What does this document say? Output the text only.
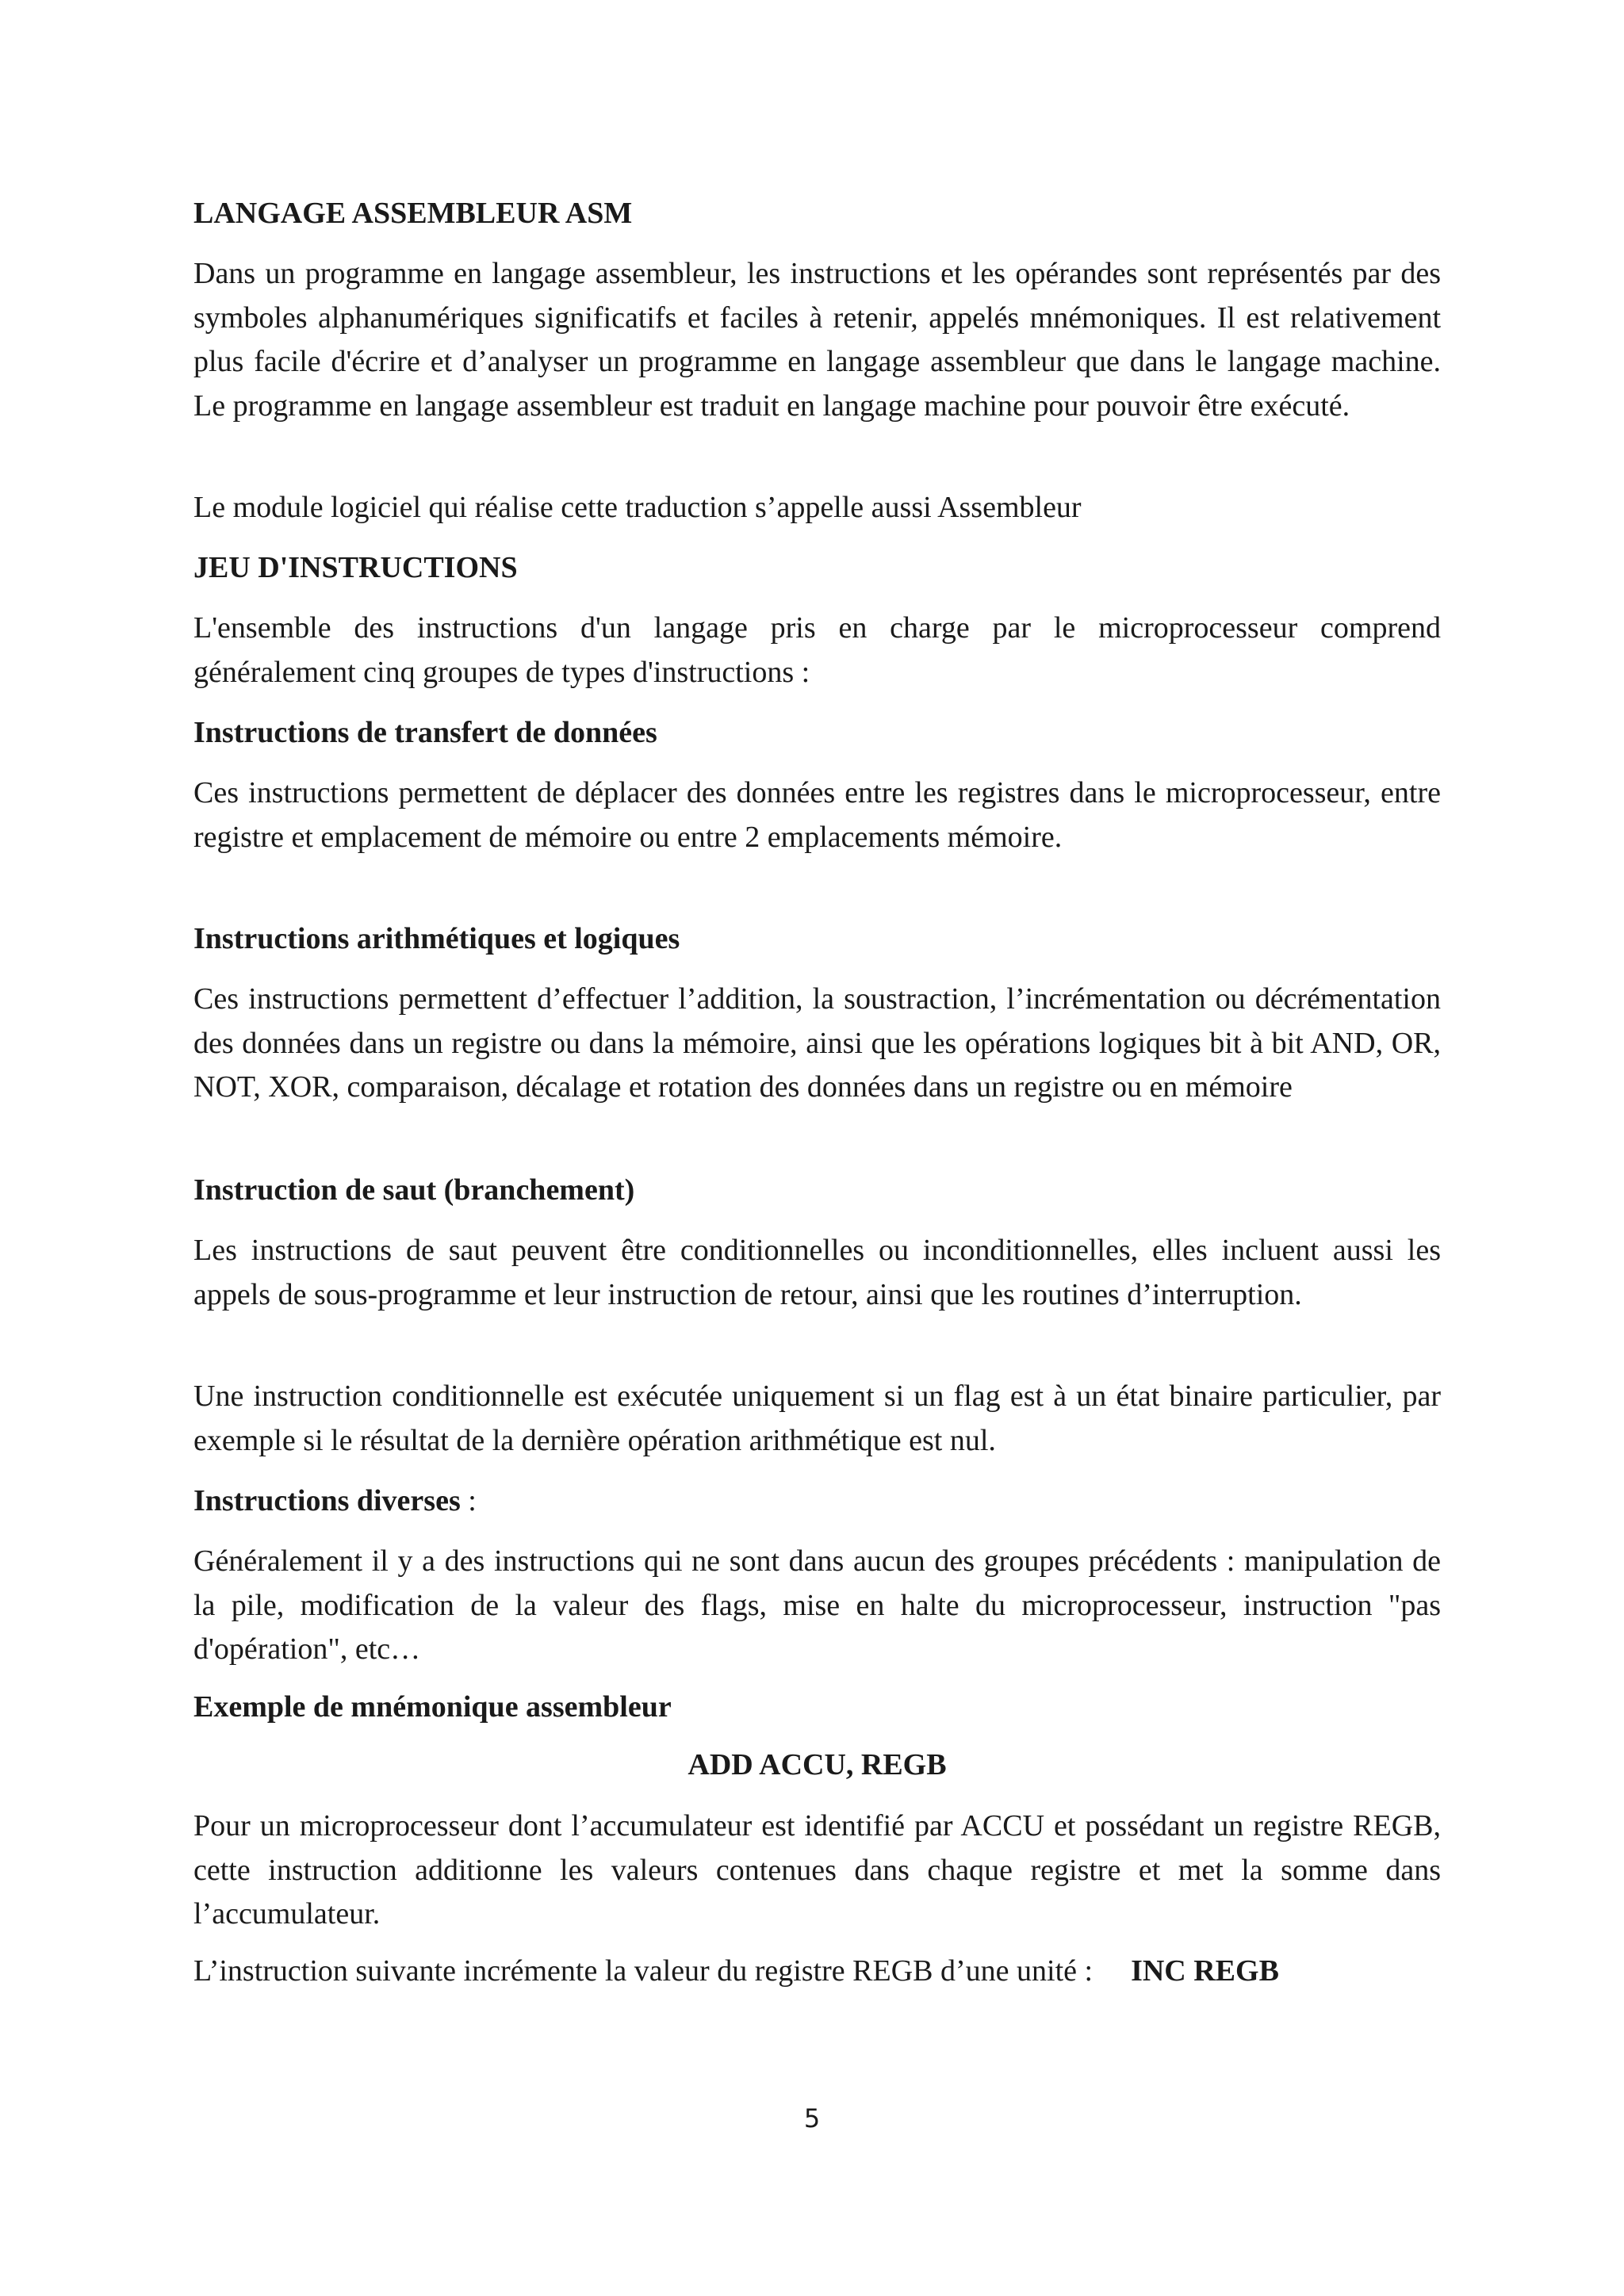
LANGAGE ASSEMBLEUR ASM

Dans un programme en langage assembleur, les instructions et les opérandes sont représentés par des symboles alphanumériques significatifs et faciles à retenir, appelés mnémoniques. Il est relativement plus facile d'écrire et d’analyser un programme en langage assembleur que dans le langage machine. Le programme en langage assembleur est traduit en langage machine pour pouvoir être exécuté.

Le module logiciel qui réalise cette traduction s’appelle aussi Assembleur

JEU D'INSTRUCTIONS

L'ensemble des instructions d'un langage pris en charge par le microprocesseur comprend généralement cinq groupes de types d'instructions :

Instructions de transfert de données

Ces instructions permettent de déplacer des données entre les registres dans le microprocesseur, entre registre et emplacement de mémoire ou entre 2 emplacements mémoire.

Instructions arithmétiques et logiques

Ces instructions permettent d’effectuer l’addition, la soustraction, l’incrémentation ou décrémentation des données dans un registre ou dans la mémoire, ainsi que les opérations logiques bit à bit AND, OR, NOT, XOR, comparaison, décalage et rotation des données dans un registre ou en mémoire

Instruction de saut (branchement)

Les instructions de saut peuvent être conditionnelles ou inconditionnelles, elles incluent aussi les appels de sous-programme et leur instruction de retour, ainsi que les routines d’interruption.

Une instruction conditionnelle est exécutée uniquement si un flag est à un état binaire particulier, par exemple si le résultat de la dernière opération arithmétique est nul.

Instructions diverses :

Généralement il y a des instructions qui ne sont dans aucun des groupes précédents : manipulation de la pile, modification de la valeur des flags, mise en halte du microprocesseur, instruction "pas d'opération", etc…

Exemple de mnémonique assembleur

ADD ACCU, REGB

Pour un microprocesseur dont l’accumulateur est identifié par ACCU et possédant un registre REGB, cette instruction additionne les valeurs contenues dans chaque registre et met la somme dans l’accumulateur.

L’instruction suivante incrémente la valeur du registre REGB d’une unité : INC REGB

5
